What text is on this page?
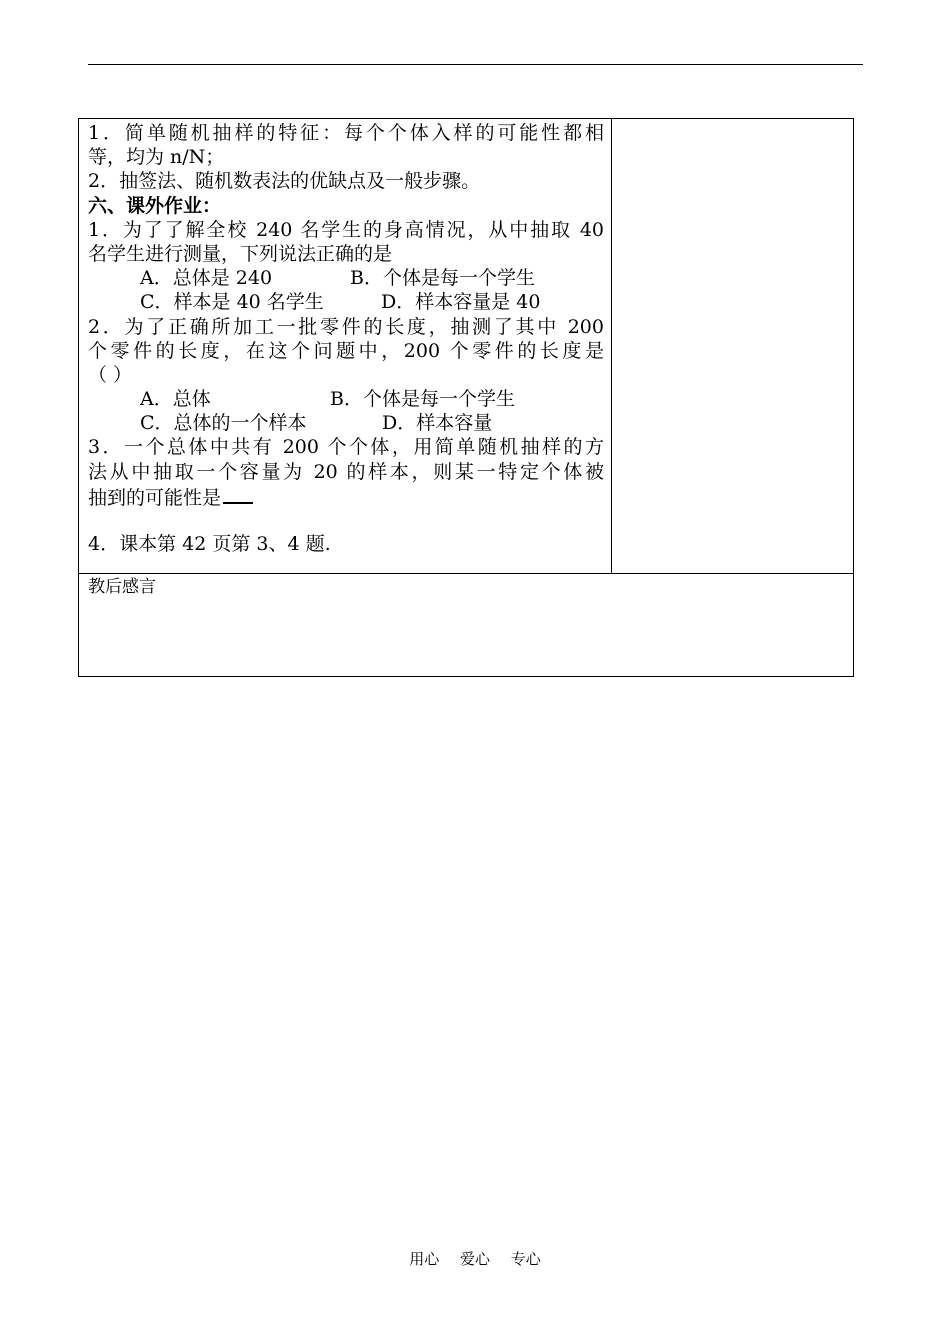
1．简单随机抽样的特征：每个个体入样的可能性都相
等，均为 n/N；
2．抽签法、随机数表法的优缺点及一般步骤。
六、课外作业：
1．为了了解全校 240 名学生的身高情况，从中抽取 40
名学生进行测量，下列说法正确的是
A．总体是 240	B．个体是每一个学生
C．样本是 40 名学生	D．样本容量是 40
2．为了正确所加工一批零件的长度，抽测了其中 200
个零件的长度，在这个问题中，200 个零件的长度是
（ ）
A．总体	B．个体是每一个学生
C．总体的一个样本	D．样本容量
3．一个总体中共有 200 个个体，用简单随机抽样的方
法从中抽取一个容量为 20 的样本，则某一特定个体被
抽到的可能性是
4．课本第 42 页第 3、4 题.
教后感言
用心 爱心 专心
